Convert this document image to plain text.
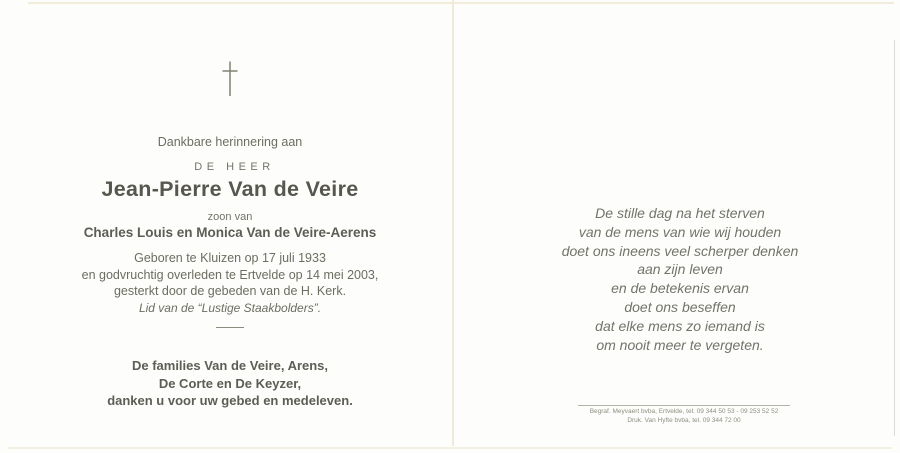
Dankbare herinnering aan
DE HEER
Jean-Pierre Van de Veire
zoon van
Charles Louis en Monica Van de Veire-Aerens
Geboren te Kluizen op 17 juli 1933
en godvruchtig overleden te Ertvelde op 14 mei 2003,
gesterkt door de gebeden van de H. Kerk.
Lid van de “Lustige Staakbolders”.
De families Van de Veire, Arens,
De Corte en De Keyzer,
danken u voor uw gebed en medeleven.
De stille dag na het sterven
van de mens van wie wij houden
doet ons ineens veel scherper denken
aan zijn leven
en de betekenis ervan
doet ons beseffen
dat elke mens zo iemand is
om nooit meer te vergeten.
Begraf. Meyvaert bvba, Ertvelde, tel. 09 344 50 53 - 09 253 52 52
Druk. Van Hyfte bvba, tel. 09 344 72 00
